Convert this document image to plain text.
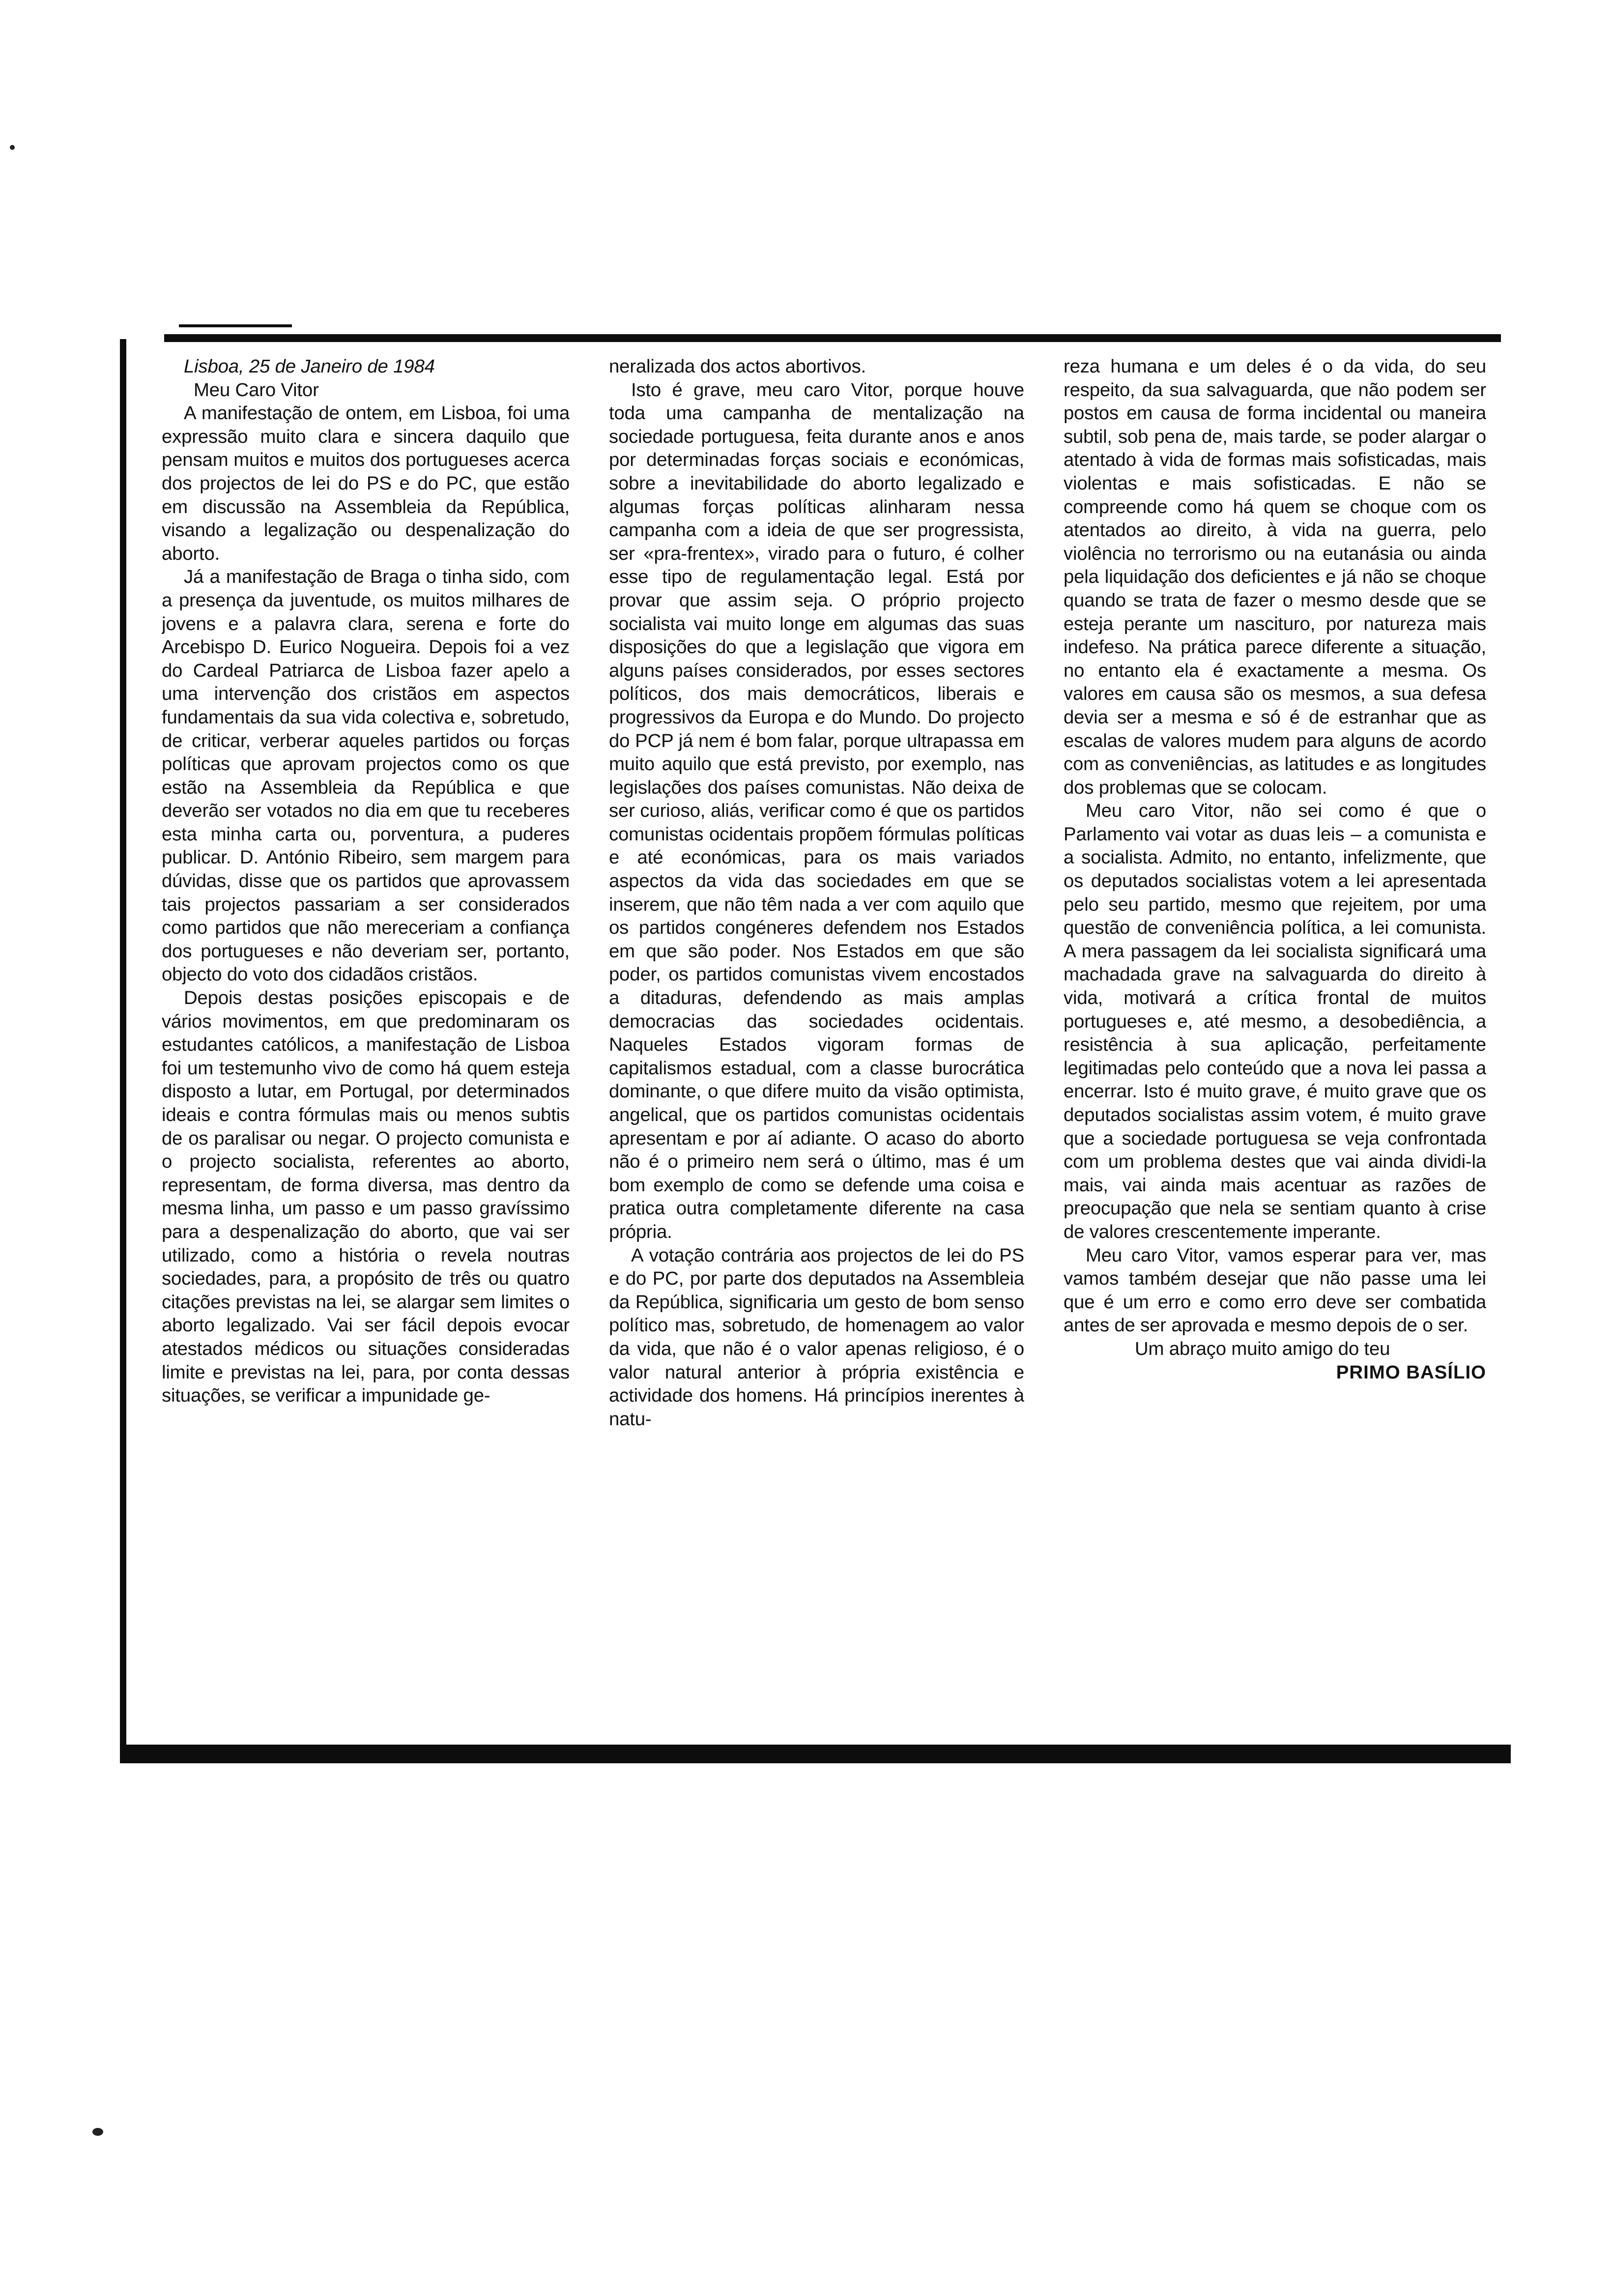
Lisboa, 25 de Janeiro de 1984

Meu Caro Vitor

A manifestação de ontem, em Lisboa, foi uma expressão muito clara e sincera daquilo que pensam muitos e muitos dos portugueses acerca dos projectos de lei do PS e do PC, que estão em discussão na Assembleia da República, visando a legalização ou despenalização do aborto.

Já a manifestação de Braga o tinha sido, com a presença da juventude, os muitos milhares de jovens e a palavra clara, serena e forte do Arcebispo D. Eurico Nogueira. Depois foi a vez do Cardeal Patriarca de Lisboa fazer apelo a uma intervenção dos cristãos em aspectos fundamentais da sua vida colectiva e, sobretudo, de criticar, verberar aqueles partidos ou forças políticas que aprovam projectos como os que estão na Assembleia da República e que deverão ser votados no dia em que tu receberes esta minha carta ou, porventura, a puderes publicar. D. António Ribeiro, sem margem para dúvidas, disse que os partidos que aprovassem tais projectos passariam a ser considerados como partidos que não mereceriam a confiança dos portugueses e não deveriam ser, portanto, objecto do voto dos cidadãos cristãos.

Depois destas posições episcopais e de vários movimentos, em que predominaram os estudantes católicos, a manifestação de Lisboa foi um testemunho vivo de como há quem esteja disposto a lutar, em Portugal, por determinados ideais e contra fórmulas mais ou menos subtis de os paralisar ou negar. O projecto comunista e o projecto socialista, referentes ao aborto, representam, de forma diversa, mas dentro da mesma linha, um passo e um passo gravíssimo para a despenalização do aborto, que vai ser utilizado, como a história o revela noutras sociedades, para, a propósito de três ou quatro citações previstas na lei, se alargar sem limites o aborto legalizado. Vai ser fácil depois evocar atestados médicos ou situações consideradas limite e previstas na lei, para, por conta dessas situações, se verificar a impunidade ge-

neralizada dos actos abortivos.

Isto é grave, meu caro Vitor, porque houve toda uma campanha de mentalização na sociedade portuguesa, feita durante anos e anos por determinadas forças sociais e económicas, sobre a inevitabilidade do aborto legalizado e algumas forças políticas alinharam nessa campanha com a ideia de que ser progressista, ser «pra-frentex», virado para o futuro, é colher esse tipo de regulamentação legal. Está por provar que assim seja. O próprio projecto socialista vai muito longe em algumas das suas disposições do que a legislação que vigora em alguns países considerados, por esses sectores políticos, dos mais democráticos, liberais e progressivos da Europa e do Mundo. Do projecto do PCP já nem é bom falar, porque ultrapassa em muito aquilo que está previsto, por exemplo, nas legislações dos países comunistas. Não deixa de ser curioso, aliás, verificar como é que os partidos comunistas ocidentais propõem fórmulas políticas e até económicas, para os mais variados aspectos da vida das sociedades em que se inserem, que não têm nada a ver com aquilo que os partidos congéneres defendem nos Estados em que são poder. Nos Estados em que são poder, os partidos comunistas vivem encostados a ditaduras, defendendo as mais amplas democracias das sociedades ocidentais. Naqueles Estados vigoram formas de capitalismos estadual, com a classe burocrática dominante, o que difere muito da visão optimista, angelical, que os partidos comunistas ocidentais apresentam e por aí adiante. O acaso do aborto não é o primeiro nem será o último, mas é um bom exemplo de como se defende uma coisa e pratica outra completamente diferente na casa própria.

A votação contrária aos projectos de lei do PS e do PC, por parte dos deputados na Assembleia da República, significaria um gesto de bom senso político mas, sobretudo, de homenagem ao valor da vida, que não é o valor apenas religioso, é o valor natural anterior à própria existência e actividade dos homens. Há princípios inerentes à natu-

reza humana e um deles é o da vida, do seu respeito, da sua salvaguarda, que não podem ser postos em causa de forma incidental ou maneira subtil, sob pena de, mais tarde, se poder alargar o atentado à vida de formas mais sofisticadas, mais violentas e mais sofisticadas. E não se compreende como há quem se choque com os atentados ao direito, à vida na guerra, pelo violência no terrorismo ou na eutanásia ou ainda pela liquidação dos deficientes e já não se choque quando se trata de fazer o mesmo desde que se esteja perante um nascituro, por natureza mais indefeso. Na prática parece diferente a situação, no entanto ela é exactamente a mesma. Os valores em causa são os mesmos, a sua defesa devia ser a mesma e só é de estranhar que as escalas de valores mudem para alguns de acordo com as conveniências, as latitudes e as longitudes dos problemas que se colocam.

Meu caro Vitor, não sei como é que o Parlamento vai votar as duas leis – a comunista e a socialista. Admito, no entanto, infelizmente, que os deputados socialistas votem a lei apresentada pelo seu partido, mesmo que rejeitem, por uma questão de conveniência política, a lei comunista. A mera passagem da lei socialista significará uma machadada grave na salvaguarda do direito à vida, motivará a crítica frontal de muitos portugueses e, até mesmo, a desobediência, a resistência à sua aplicação, perfeitamente legitimadas pelo conteúdo que a nova lei passa a encerrar. Isto é muito grave, é muito grave que os deputados socialistas assim votem, é muito grave que a sociedade portuguesa se veja confrontada com um problema destes que vai ainda dividi-la mais, vai ainda mais acentuar as razões de preocupação que nela se sentiam quanto à crise de valores crescentemente imperante.

Meu caro Vitor, vamos esperar para ver, mas vamos também desejar que não passe uma lei que é um erro e como erro deve ser combatida antes de ser aprovada e mesmo depois de o ser.

Um abraço muito amigo do teu

PRIMO BASÍLIO
